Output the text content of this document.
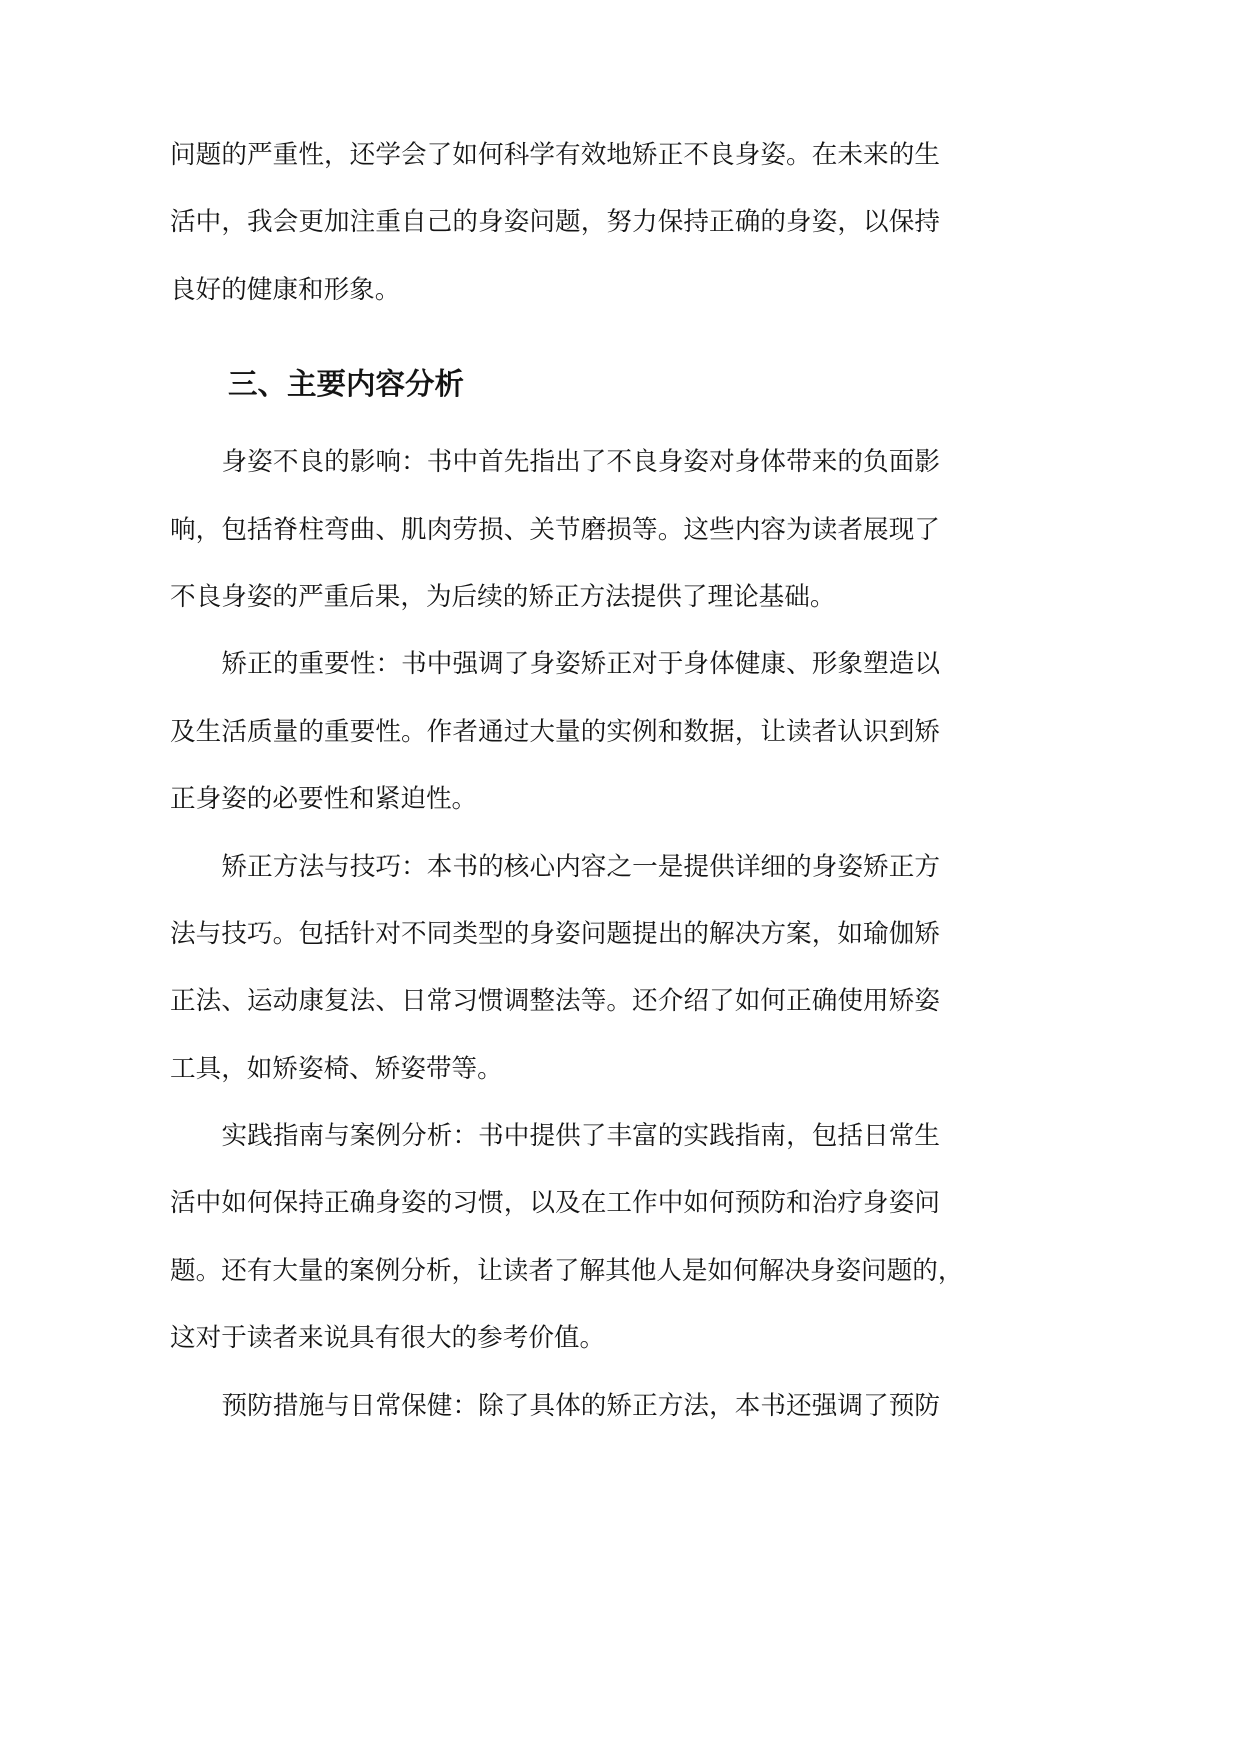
问题的严重性，还学会了如何科学有效地矫正不良身姿。在未来的生
活中，我会更加注重自己的身姿问题，努力保持正确的身姿，以保持
良好的健康和形象。
三、主要内容分析
身姿不良的影响：书中首先指出了不良身姿对身体带来的负面影
响，包括脊柱弯曲、肌肉劳损、关节磨损等。这些内容为读者展现了
不良身姿的严重后果，为后续的矫正方法提供了理论基础。
矫正的重要性：书中强调了身姿矫正对于身体健康、形象塑造以
及生活质量的重要性。作者通过大量的实例和数据，让读者认识到矫
正身姿的必要性和紧迫性。
矫正方法与技巧：本书的核心内容之一是提供详细的身姿矫正方
法与技巧。包括针对不同类型的身姿问题提出的解决方案，如瑜伽矫
正法、运动康复法、日常习惯调整法等。还介绍了如何正确使用矫姿
工具，如矫姿椅、矫姿带等。
实践指南与案例分析：书中提供了丰富的实践指南，包括日常生
活中如何保持正确身姿的习惯，以及在工作中如何预防和治疗身姿问
题。还有大量的案例分析，让读者了解其他人是如何解决身姿问题的，
这对于读者来说具有很大的参考价值。
预防措施与日常保健：除了具体的矫正方法，本书还强调了预防
